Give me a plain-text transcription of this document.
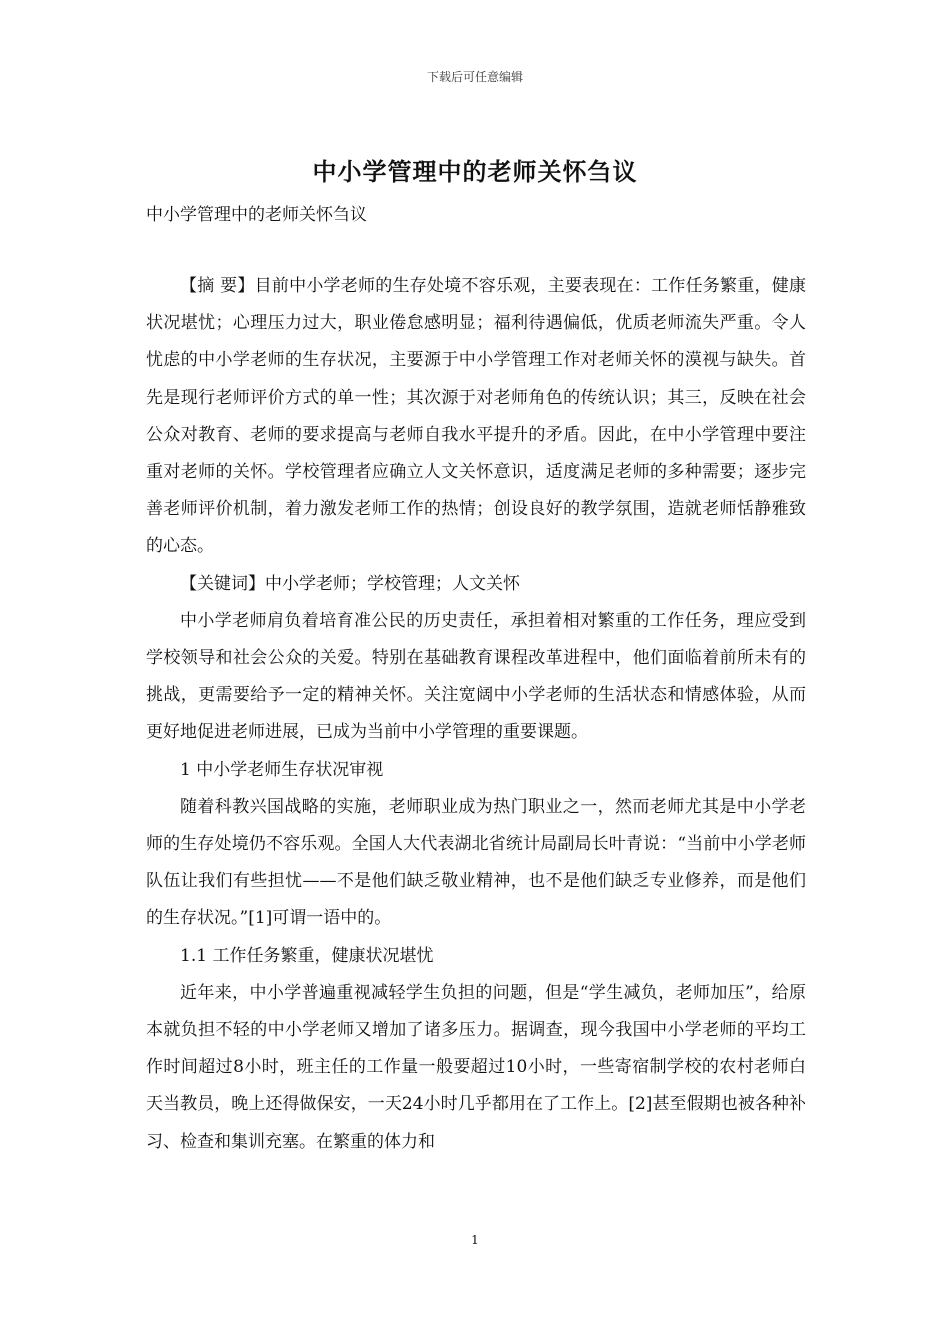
下载后可任意编辑
中小学管理中的老师关怀刍议
中小学管理中的老师关怀刍议

【摘 要】目前中小学老师的生存处境不容乐观，主要表现在：工作任务繁重，健康状况堪忧；心理压力过大，职业倦怠感明显；福利待遇偏低，优质老师流失严重。令人忧虑的中小学老师的生存状况，主要源于中小学管理工作对老师关怀的漠视与缺失。首先是现行老师评价方式的单一性；其次源于对老师角色的传统认识；其三，反映在社会公众对教育、老师的要求提高与老师自我水平提升的矛盾。因此，在中小学管理中要注重对老师的关怀。学校管理者应确立人文关怀意识，适度满足老师的多种需要；逐步完善老师评价机制，着力激发老师工作的热情；创设良好的教学氛围，造就老师恬静雅致的心态。

【关键词】中小学老师；学校管理；人文关怀

中小学老师肩负着培育准公民的历史责任，承担着相对繁重的工作任务，理应受到学校领导和社会公众的关爱。特别在基础教育课程改革进程中，他们面临着前所未有的挑战，更需要给予一定的精神关怀。关注宽阔中小学老师的生活状态和情感体验，从而更好地促进老师进展，已成为当前中小学管理的重要课题。

1 中小学老师生存状况审视

随着科教兴国战略的实施，老师职业成为热门职业之一，然而老师尤其是中小学老师的生存处境仍不容乐观。全国人大代表湖北省统计局副局长叶青说：“当前中小学老师队伍让我们有些担忧——不是他们缺乏敬业精神，也不是他们缺乏专业修养，而是他们的生存状况。”[1]可谓一语中的。

1.1 工作任务繁重，健康状况堪忧

近年来，中小学普遍重视减轻学生负担的问题，但是“学生减负，老师加压”，给原本就负担不轻的中小学老师又增加了诸多压力。据调查，现今我国中小学老师的平均工作时间超过8小时，班主任的工作量一般要超过10小时，一些寄宿制学校的农村老师白天当教员，晚上还得做保安，一天24小时几乎都用在了工作上。[2]甚至假期也被各种补习、检查和集训充塞。在繁重的体力和

1
